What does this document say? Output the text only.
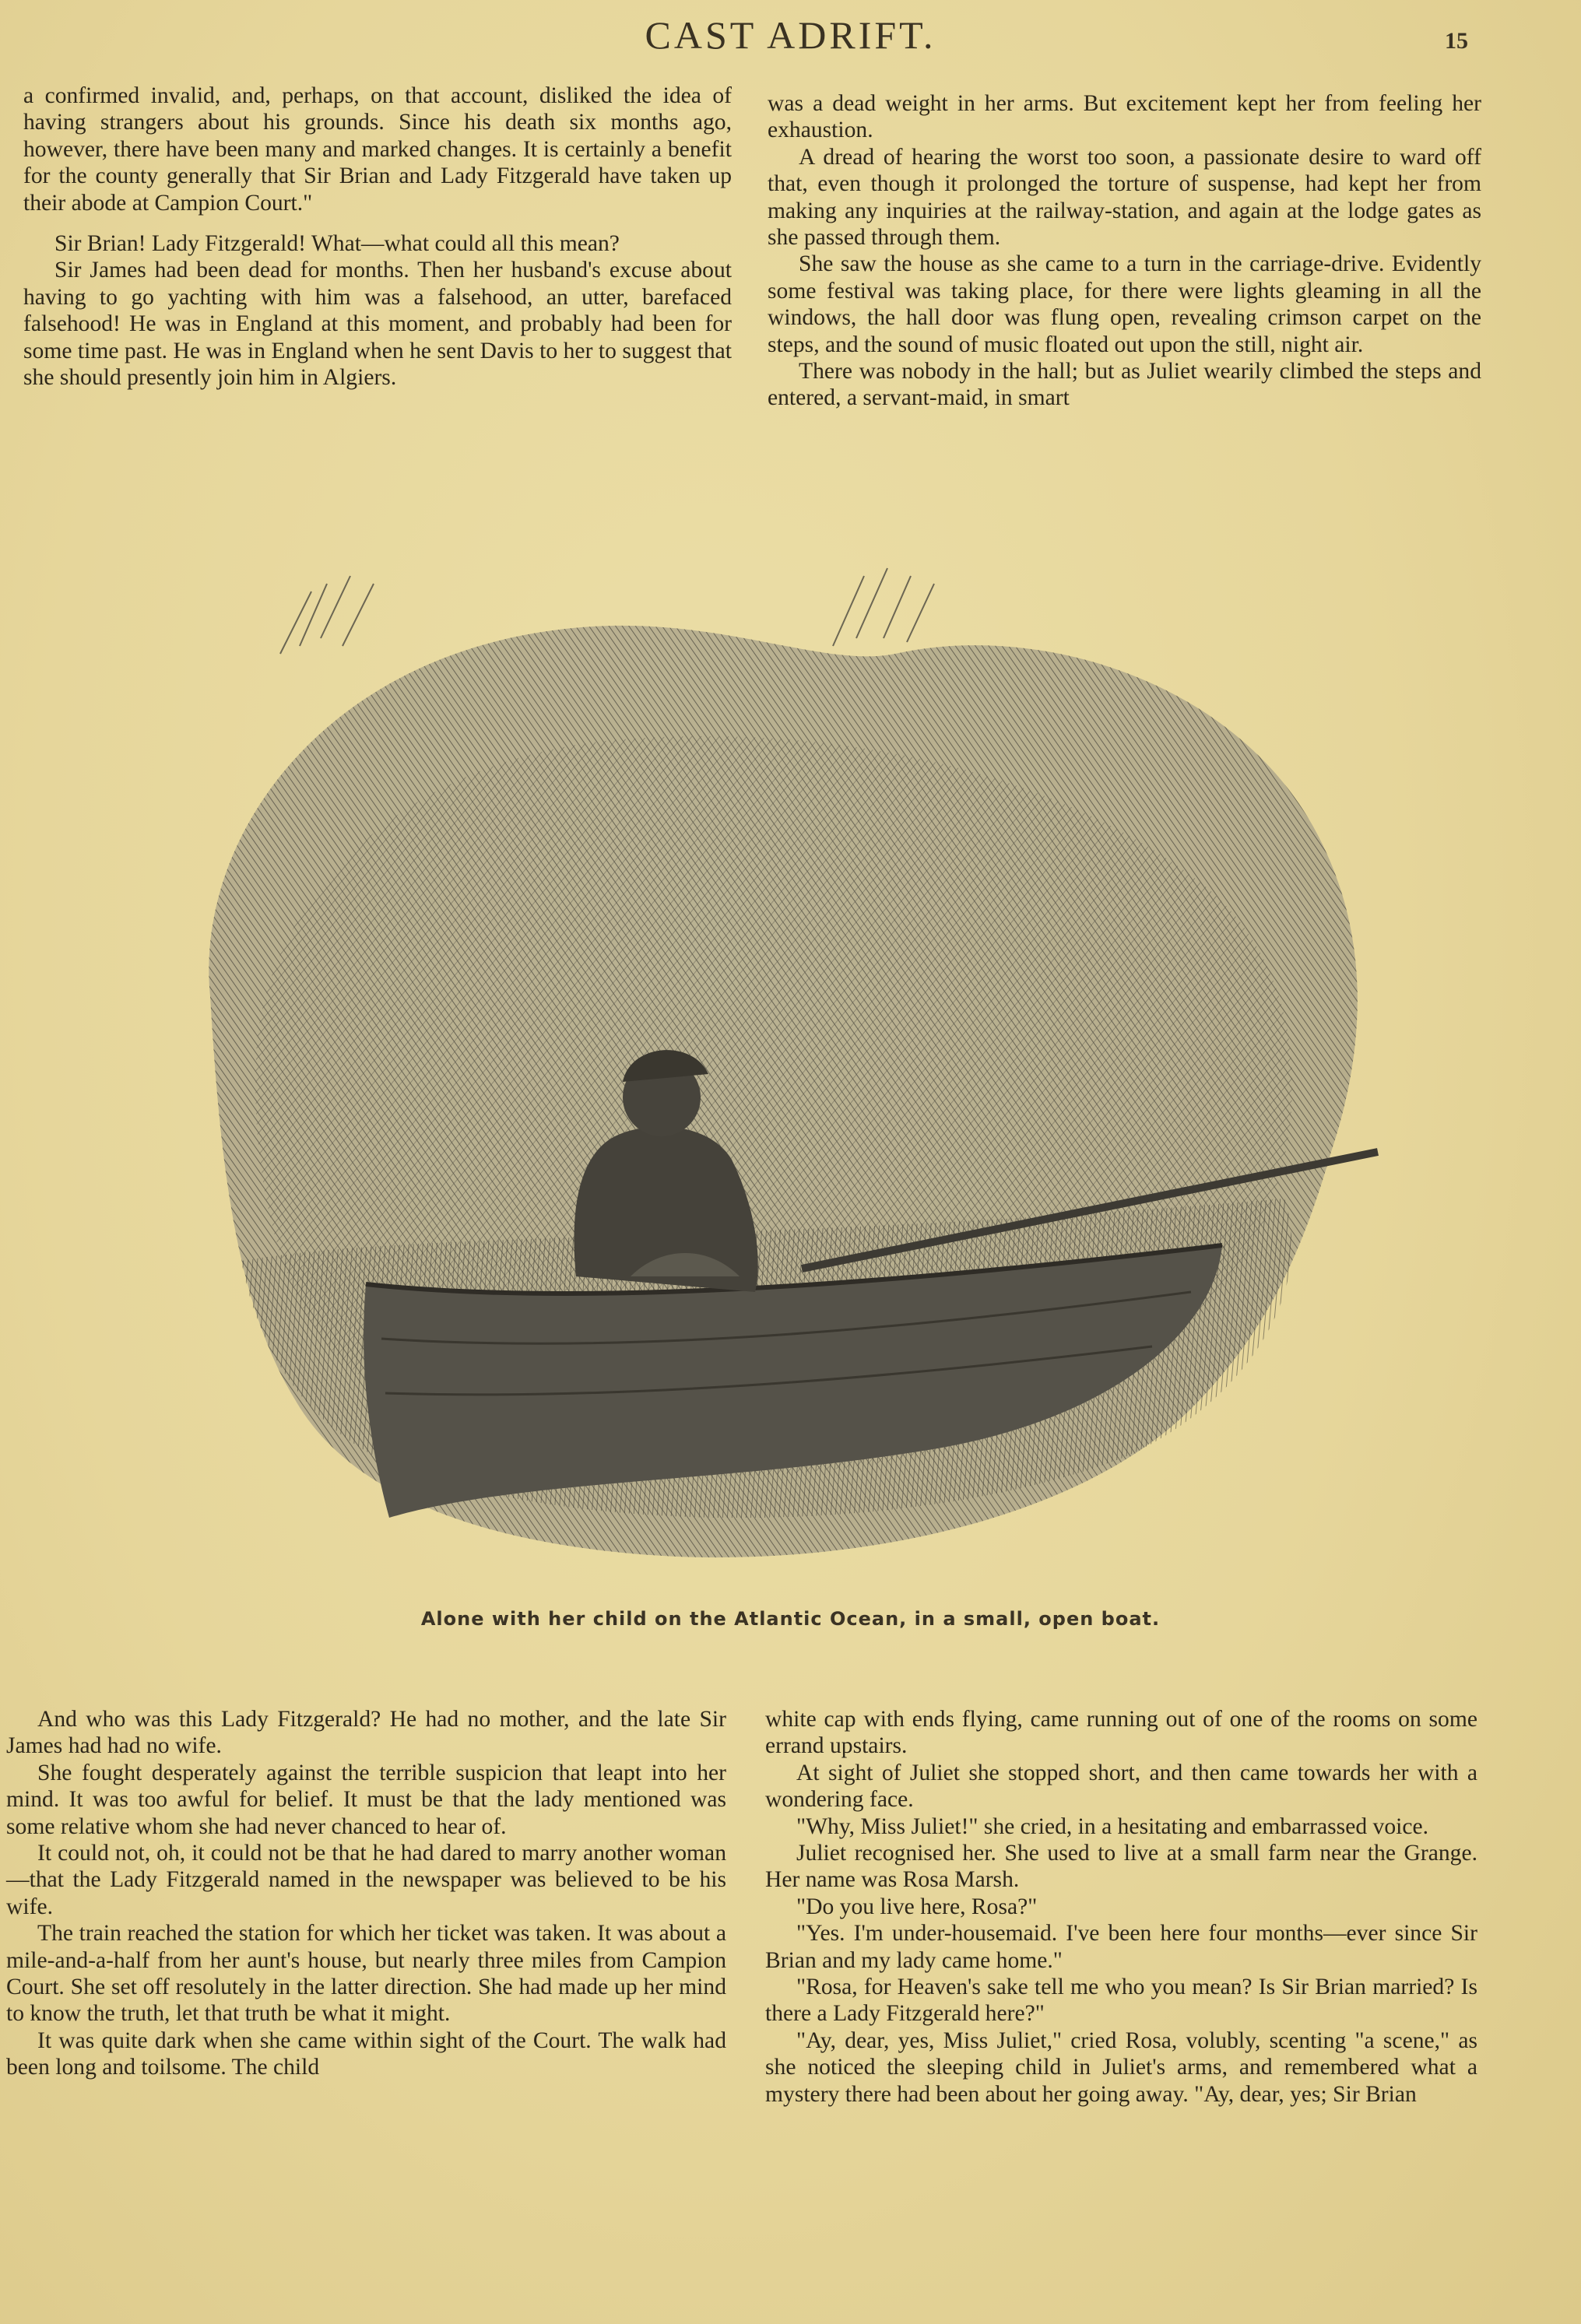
CAST ADRIFT.	15

a confirmed invalid, and, perhaps, on that account, disliked the idea of having strangers about his grounds. Since his death six months ago, however, there have been many and marked changes. It is certainly a benefit for the county generally that Sir Brian and Lady Fitzgerald have taken up their abode at Campion Court."

Sir Brian! Lady Fitzgerald! What—what could all this mean?

Sir James had been dead for months. Then her husband's excuse about having to go yachting with him was a falsehood, an utter, barefaced falsehood! He was in England at this moment, and probably had been for some time past. He was in England when he sent Davis to her to suggest that she should presently join him in Algiers.

was a dead weight in her arms. But excitement kept her from feeling her exhaustion.

A dread of hearing the worst too soon, a passionate desire to ward off that, even though it prolonged the torture of suspense, had kept her from making any inquiries at the railway-station, and again at the lodge gates as she passed through them.

She saw the house as she came to a turn in the carriage-drive. Evidently some festival was taking place, for there were lights gleaming in all the windows, the hall door was flung open, revealing crimson carpet on the steps, and the sound of music floated out upon the still, night air.

There was nobody in the hall; but as Juliet wearily climbed the steps and entered, a servant-maid, in smart

Alone with her child on the Atlantic Ocean, in a small, open boat.

And who was this Lady Fitzgerald? He had no mother, and the late Sir James had had no wife.

She fought desperately against the terrible suspicion that leapt into her mind. It was too awful for belief. It must be that the lady mentioned was some relative whom she had never chanced to hear of.

It could not, oh, it could not be that he had dared to marry another woman—that the Lady Fitzgerald named in the newspaper was believed to be his wife.

The train reached the station for which her ticket was taken. It was about a mile-and-a-half from her aunt's house, but nearly three miles from Campion Court. She set off resolutely in the latter direction. She had made up her mind to know the truth, let that truth be what it might.

It was quite dark when she came within sight of the Court. The walk had been long and toilsome. The child

white cap with ends flying, came running out of one of the rooms on some errand upstairs.

At sight of Juliet she stopped short, and then came towards her with a wondering face.

"Why, Miss Juliet!" she cried, in a hesitating and embarrassed voice.

Juliet recognised her. She used to live at a small farm near the Grange. Her name was Rosa Marsh.

"Do you live here, Rosa?"

"Yes. I'm under-housemaid. I've been here four months—ever since Sir Brian and my lady came home."

"Rosa, for Heaven's sake tell me who you mean? Is Sir Brian married? Is there a Lady Fitzgerald here?"

"Ay, dear, yes, Miss Juliet," cried Rosa, volubly, scenting "a scene," as she noticed the sleeping child in Juliet's arms, and remembered what a mystery there had been about her going away. "Ay, dear, yes; Sir Brian
